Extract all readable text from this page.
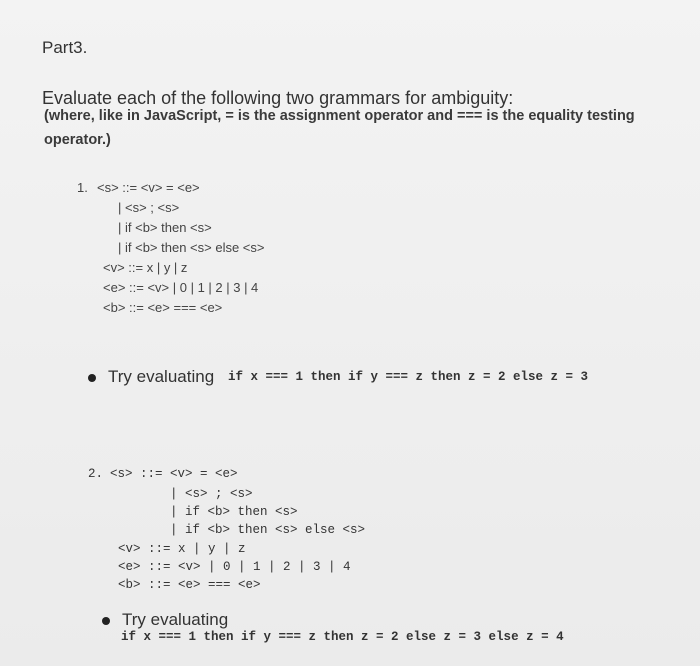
Part3.
Evaluate each of the following two grammars for ambiguity:
(where, like in JavaScript, = is the assignment operator and === is the equality testing
operator.)
1. <s> ::= <v> = <e>
| <s> ; <s>
| if <b> then <s>
| if <b> then <s> else <s>
<v> ::= x | y | z
<e> ::= <v> | 0 | 1 | 2 | 3 | 4
<b> ::= <e> === <e>
Try evaluating if x === 1 then if y === z then z = 2 else z = 3
2. <s> ::= <v> = <e>
| <s> ; <s>
| if <b> then <s>
| if <b> then <s> else <s>
<v> ::= x | y | z
<e> ::= <v> | 0 | 1 | 2 | 3 | 4
<b> ::= <e> === <e>
Try evaluating
if x === 1 then if y === z then z = 2 else z = 3 else z = 4
